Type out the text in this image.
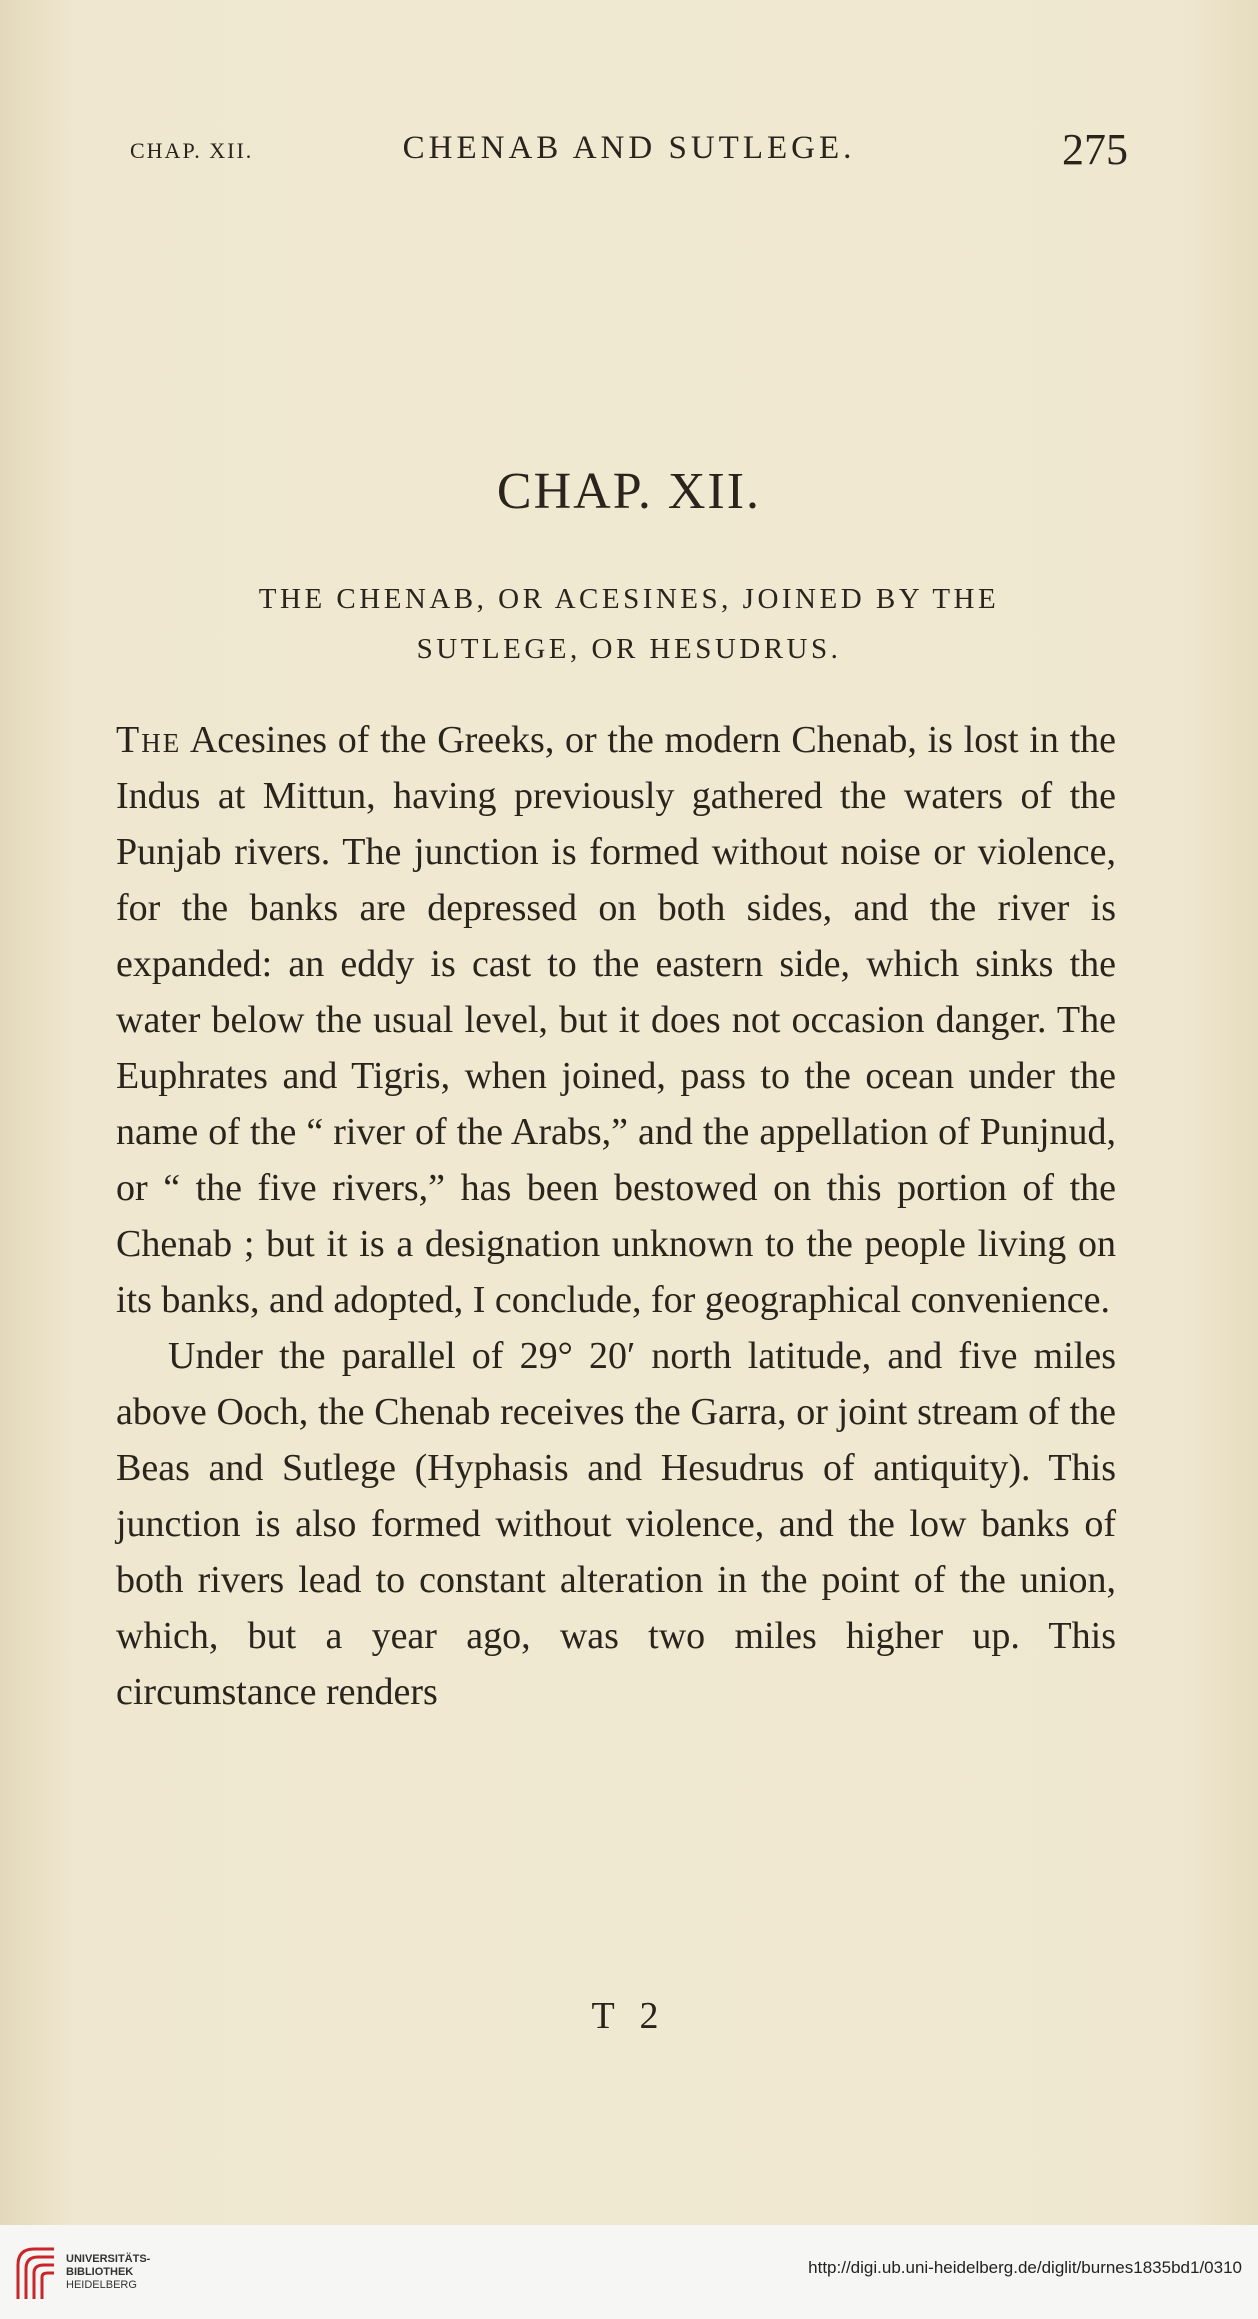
CHAP. XII.	CHENAB AND SUTLEGE.	275
CHAP. XII.
THE CHENAB, OR ACESINES, JOINED BY THE
SUTLEGE, OR HESUDRUS.

The Acesines of the Greeks, or the modern Chenab, is lost in the Indus at Mittun, having previously gathered the waters of the Punjab rivers. The junction is formed without noise or violence, for the banks are depressed on both sides, and the river is expanded: an eddy is cast to the eastern side, which sinks the water below the usual level, but it does not occasion danger. The Euphrates and Tigris, when joined, pass to the ocean under the name of the “ river of the Arabs,” and the appellation of Punjnud, or “ the five rivers,” has been bestowed on this portion of the Chenab ; but it is a designation unknown to the people living on its banks, and adopted, I conclude, for geographical convenience.

Under the parallel of 29° 20′ north latitude, and five miles above Ooch, the Chenab receives the Garra, or joint stream of the Beas and Sutlege (Hyphasis and Hesudrus of antiquity). This junction is also formed without violence, and the low banks of both rivers lead to constant alteration in the point of the union, which, but a year ago, was two miles higher up. This circumstance renders

T 2
UNIVERSITÄTS-
BIBLIOTHEK
HEIDELBERG
http://digi.ub.uni-heidelberg.de/diglit/burnes1835bd1/0310
